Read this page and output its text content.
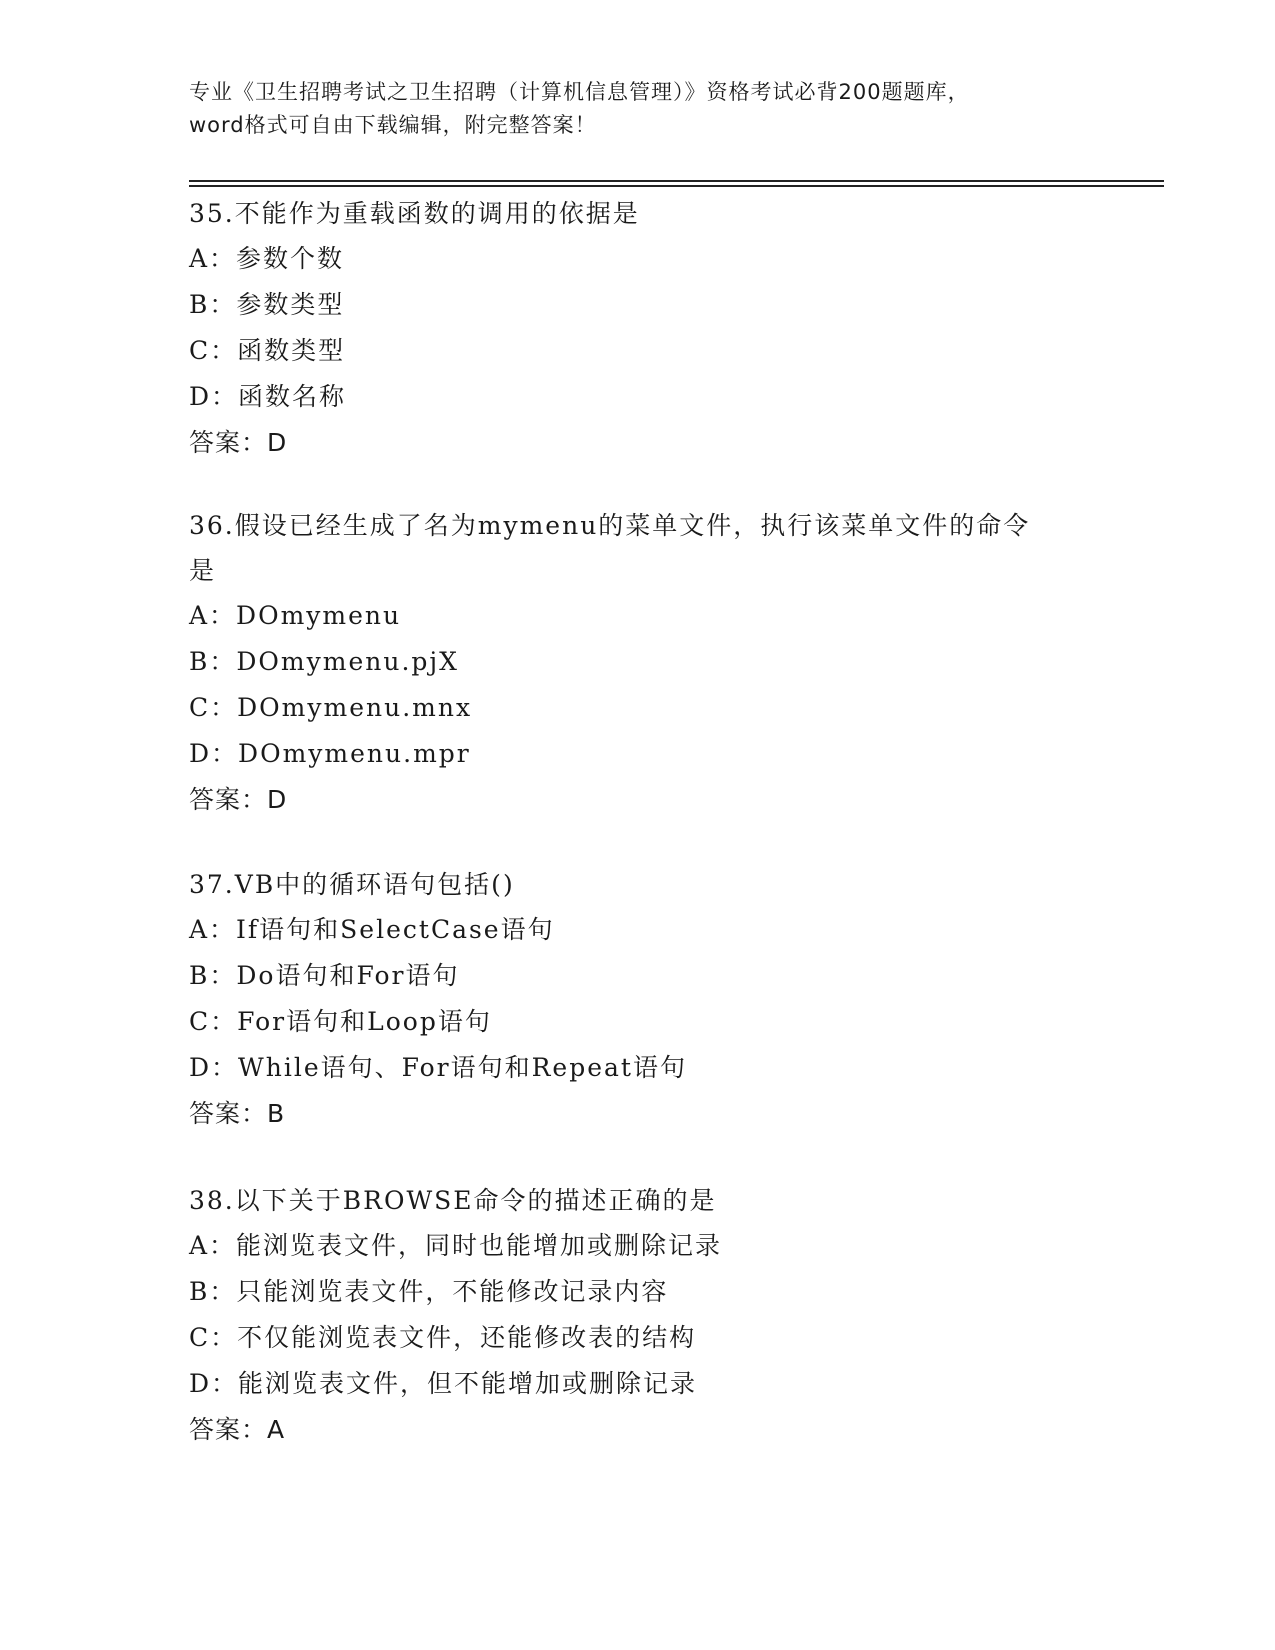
专业《卫生招聘考试之卫生招聘（计算机信息管理）》资格考试必背200题题库，
word格式可自由下载编辑，附完整答案！
35.不能作为重载函数的调用的依据是
A：参数个数
B：参数类型
C：函数类型
D：函数名称
答案：D
36.假设已经生成了名为mymenu的菜单文件，执行该菜单文件的命令是
A：DOmymenu
B：DOmymenu.pjX
C：DOmymenu.mnx
D：DOmymenu.mpr
答案：D
37.VB中的循环语句包括()
A：If语句和SelectCase语句
B：Do语句和For语句
C：For语句和Loop语句
D：While语句、For语句和Repeat语句
答案：B
38.以下关于BROWSE命令的描述正确的是
A：能浏览表文件，同时也能增加或删除记录
B：只能浏览表文件，不能修改记录内容
C：不仅能浏览表文件，还能修改表的结构
D：能浏览表文件，但不能增加或删除记录
答案：A
